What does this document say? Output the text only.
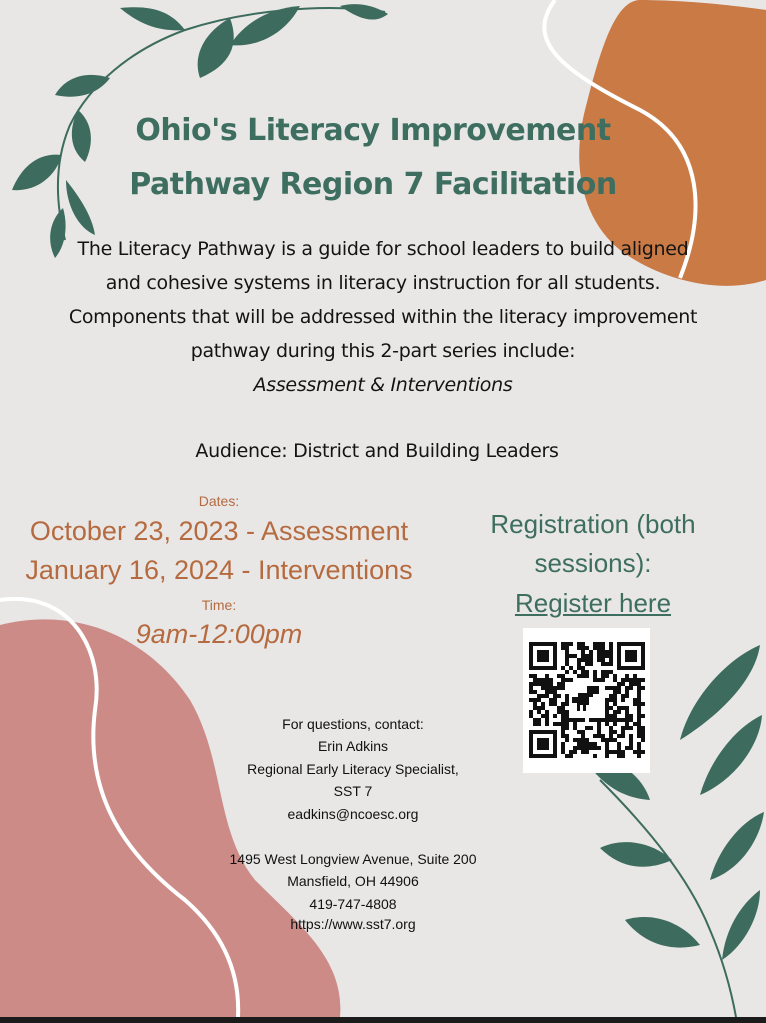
Ohio's Literacy Improvement
Pathway Region 7 Facilitation
The Literacy Pathway is a guide for school leaders to build aligned
and cohesive systems in literacy instruction for all students.
Components that will be addressed within the literacy improvement
pathway during this 2-part series include:
Assessment & Interventions
Audience: District and Building Leaders
Dates:
October 23, 2023 - Assessment
January 16, 2024 - Interventions
Time:
9am-12:00pm
Registration (both
sessions):
Register here
For questions, contact:
Erin Adkins
Regional Early Literacy Specialist,
SST 7
eadkins@ncoesc.org
1495 West Longview Avenue, Suite 200
Mansfield, OH 44906
419-747-4808
https://www.sst7.org
